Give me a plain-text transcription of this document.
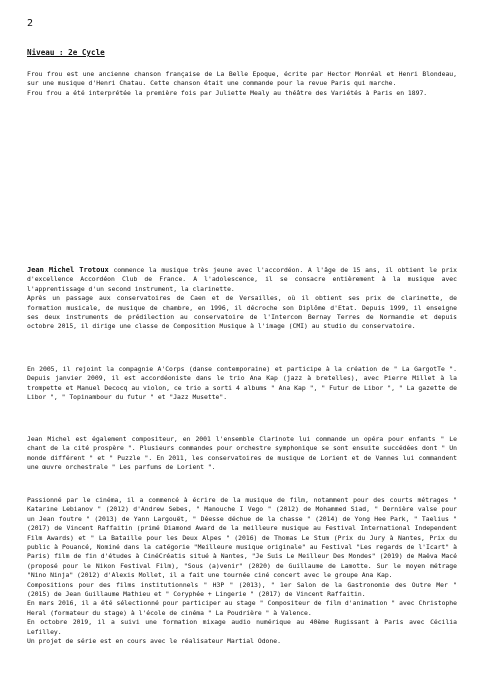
2
Niveau : 2e Cycle

Frou frou est une ancienne chanson française de La Belle Epoque, écrite par Hector Monréal et Henri Blondeau, sur une musique d'Henri Chatau. Cette chanson était une commande pour la revue Paris qui marche.

Frou frou a été interprétée la première fois par Juliette Mealy au théâtre des Variétés à Paris en 1897.

Jean Michel Trotoux commence la musique très jeune avec l'accordéon. A l'âge de 15 ans, il obtient le prix d'excellence Accordéon Club de France. A l'adolescence, il se consacre entièrement à la musique avec l'apprentissage d'un second instrument, la clarinette.

Après un passage aux conservatoires de Caen et de Versailles, où il obtient ses prix de clarinette, de formation musicale, de musique de chambre, en 1996, il décroche son Diplôme d'Etat. Depuis 1999, il enseigne ses deux instruments de prédilection au conservatoire de l'Intercom Bernay Terres de Normandie et depuis octobre 2015, il dirige une classe de Composition Musique à l'image (CMI) au studio du conservatoire.

En 2005, il rejoint la compagnie A'Corps (danse contemporaine) et participe à la création de " La GargotTe ". Depuis janvier 2009, il est accordéoniste dans le trio Ana Kap (jazz à bretelles), avec Pierre Millet à la trompette et Manuel Decocq au violon, ce trio a sorti 4 albums " Ana Kap ", " Futur de Libor ", " La gazette de Libor ", " Topinambour du futur " et "Jazz Musette".

Jean Michel est également compositeur, en 2001 l'ensemble Clarinote lui commande un opéra pour enfants " Le chant de la cité prospère ". Plusieurs commandes pour orchestre symphonique se sont ensuite succédées dont " Un monde différent " et " Puzzle ". En 2011, les conservatoires de musique de Lorient et de Vannes lui commandent une œuvre orchestrale " Les parfums de Lorient ".

Passionné par le cinéma, il a commencé à écrire de la musique de film, notamment pour des courts métrages " Katarine Lebianov " (2012) d'Andrew Sebes, " Manouche I Vego " (2012) de Mohammed Siad, " Dernière valse pour un Jean foutre " (2013) de Yann Largouët, " Déesse déchue de la chasse " (2014) de Yong Hee Park, " Taelius " (2017) de Vincent Raffaitin (primé Diamond Award de la meilleure musique au Festival International Independent Film Awards) et " La Bataille pour les Deux Alpes " (2016) de Thomas Le Stum (Prix du Jury à Nantes, Prix du public à Pouancé, Nominé dans la catégorie "Meilleure musique originale" au Festival "Les regards de l'Icart" à Paris) film de fin d'études à CinéCréatis situé à Nantes, "Je Suis Le Meilleur Des Mondes" (2019) de Maëva Macé (proposé pour le Nikon Festival Film), "Sous (a)venir" (2020) de Guillaume de Lamotte. Sur le moyen métrage "Nino Ninja" (2012) d'Alexis Mollet, il a fait une tournée ciné concert avec le groupe Ana Kap.

Compositions pour des films institutionnels " H3P " (2013), " 1er Salon de la Gastronomie des Outre Mer " (2015) de Jean Guillaume Mathieu et " Coryphée + Lingerie " (2017) de Vincent Raffaitin.

En mars 2016, il a été sélectionné pour participer au stage " Compositeur de film d'animation " avec Christophe Heral (formateur du stage) à l'école de cinéma " La Poudrière " à Valence.

En octobre 2019, il a suivi une formation mixage audio numérique au 40ème Rugissant à Paris avec Cécilia Lefilley.

Un projet de série est en cours avec le réalisateur Martial Odone.
